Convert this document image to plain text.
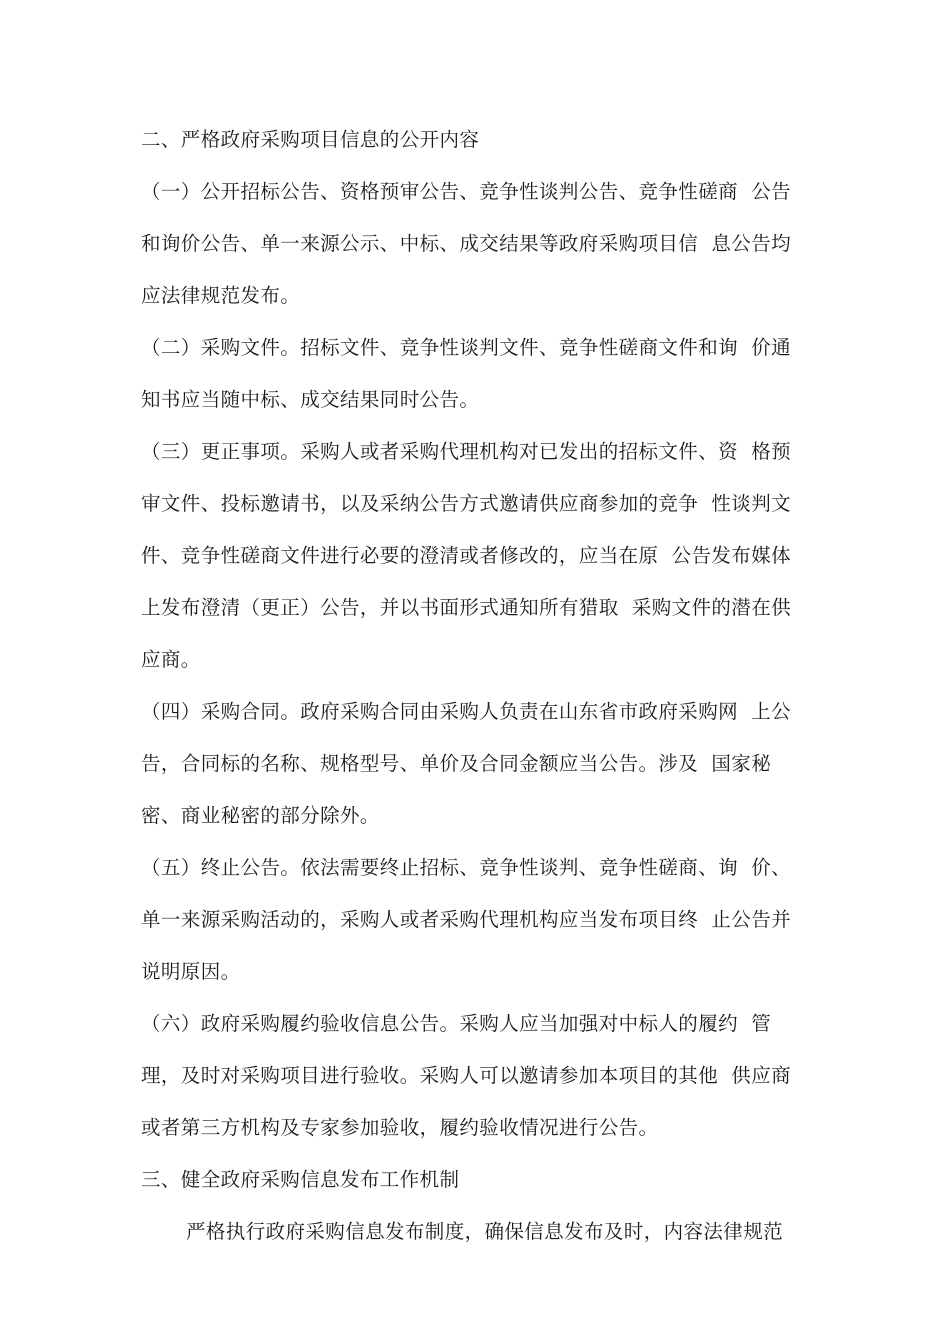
二、严格政府采购项目信息的公开内容
（一）公开招标公告、资格预审公告、竞争性谈判公告、竞争性磋商  公告
和询价公告、单一来源公示、中标、成交结果等政府采购项目信  息公告均
应法律规范发布。
（二）采购文件。招标文件、竞争性谈判文件、竞争性磋商文件和询  价通
知书应当随中标、成交结果同时公告。
（三）更正事项。采购人或者采购代理机构对已发出的招标文件、资  格预
审文件、投标邀请书，以及采纳公告方式邀请供应商参加的竞争  性谈判文
件、竞争性磋商文件进行必要的澄清或者修改的，应当在原  公告发布媒体
上发布澄清（更正）公告，并以书面形式通知所有猎取  采购文件的潜在供
应商。
（四）采购合同。政府采购合同由采购人负责在山东省市政府采购网  上公
告，合同标的名称、规格型号、单价及合同金额应当公告。涉及  国家秘
密、商业秘密的部分除外。
（五）终止公告。依法需要终止招标、竞争性谈判、竞争性磋商、询  价、
单一来源采购活动的，采购人或者采购代理机构应当发布项目终  止公告并
说明原因。
（六）政府采购履约验收信息公告。采购人应当加强对中标人的履约  管
理，及时对采购项目进行验收。采购人可以邀请参加本项目的其他  供应商
或者第三方机构及专家参加验收，履约验收情况进行公告。
三、健全政府采购信息发布工作机制
严格执行政府采购信息发布制度，确保信息发布及时，内容法律规范
